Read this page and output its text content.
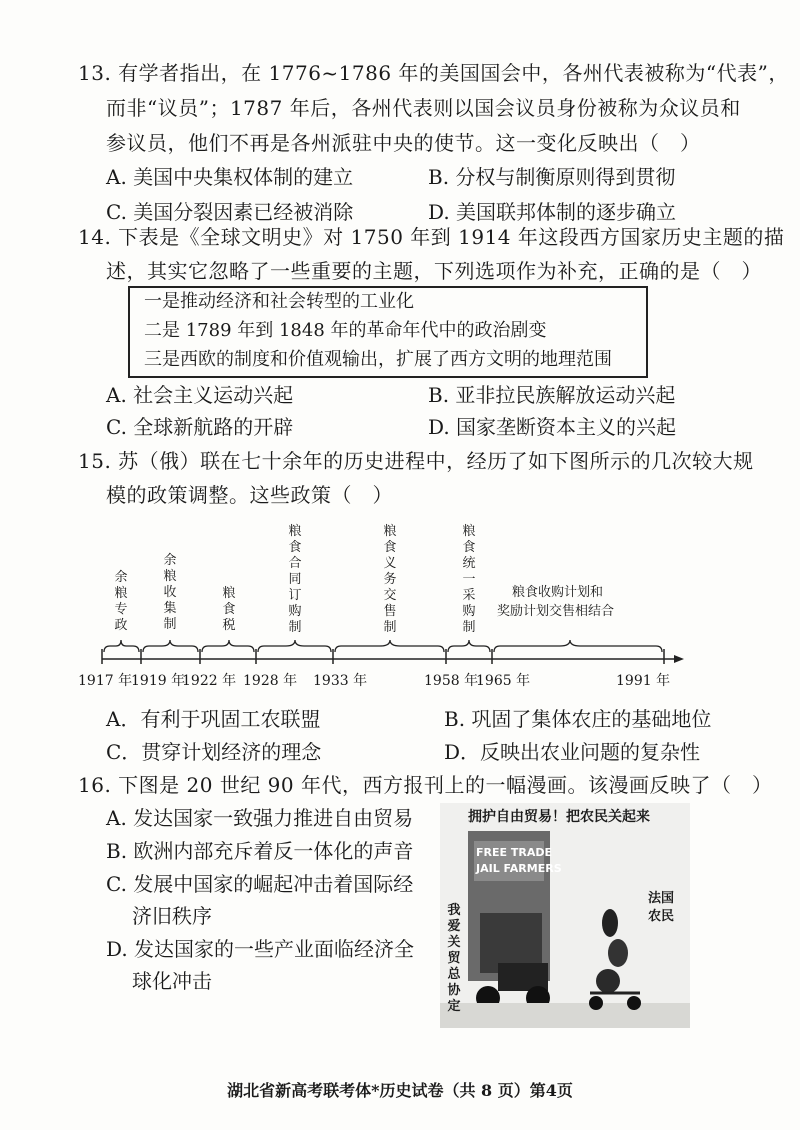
13. 有学者指出，在 1776~1786 年的美国国会中，各州代表被称为“代表”，
而非“议员”；1787 年后，各州代表则以国会议员身份被称为众议员和
参议员，他们不再是各州派驻中央的使节。这一变化反映出（　）
A. 美国中央集权体制的建立	B. 分权与制衡原则得到贯彻
C. 美国分裂因素已经被消除	D. 美国联邦体制的逐步确立
14. 下表是《全球文明史》对 1750 年到 1914 年这段西方国家历史主题的描
述，其实它忽略了一些重要的主题，下列选项作为补充，正确的是（　）
一是推动经济和社会转型的工业化
二是 1789 年到 1848 年的革命年代中的政治剧变
三是西欧的制度和价值观输出，扩展了西方文明的地理范围
A. 社会主义运动兴起	B. 亚非拉民族解放运动兴起
C. 全球新航路的开辟	D. 国家垄断资本主义的兴起
15. 苏（俄）联在七十余年的历史进程中，经历了如下图所示的几次较大规
模的政策调整。这些政策（　）
余粮专政
余粮收集制
粮食税
粮食合同订购制
粮食义务交售制
粮食统一采购制
粮食收购计划和
奖励计划交售相结合
1917 年
1919 年
1922 年 1928 年 1933 年	1958 年
1965 年	1991 年
A．有利于巩固工农联盟	B. 巩固了集体农庄的基础地位
C．贯穿计划经济的理念	D．反映出农业问题的复杂性
16. 下图是 20 世纪 90 年代，西方报刊上的一幅漫画。该漫画反映了（　）
A. 发达国家一致强力推进自由贸易
B. 欧洲内部充斥着反一体化的声音
C. 发展中国家的崛起冲击着国际经
济旧秩序
D. 发达国家的一些产业面临经济全
球化冲击
拥护自由贸易！把农民关起来
FREE TRADE
JAIL FARMERS
我爱关贸总协定
法国
农民
湖北省新高考联考体*历史试卷（共 8 页）第4页
